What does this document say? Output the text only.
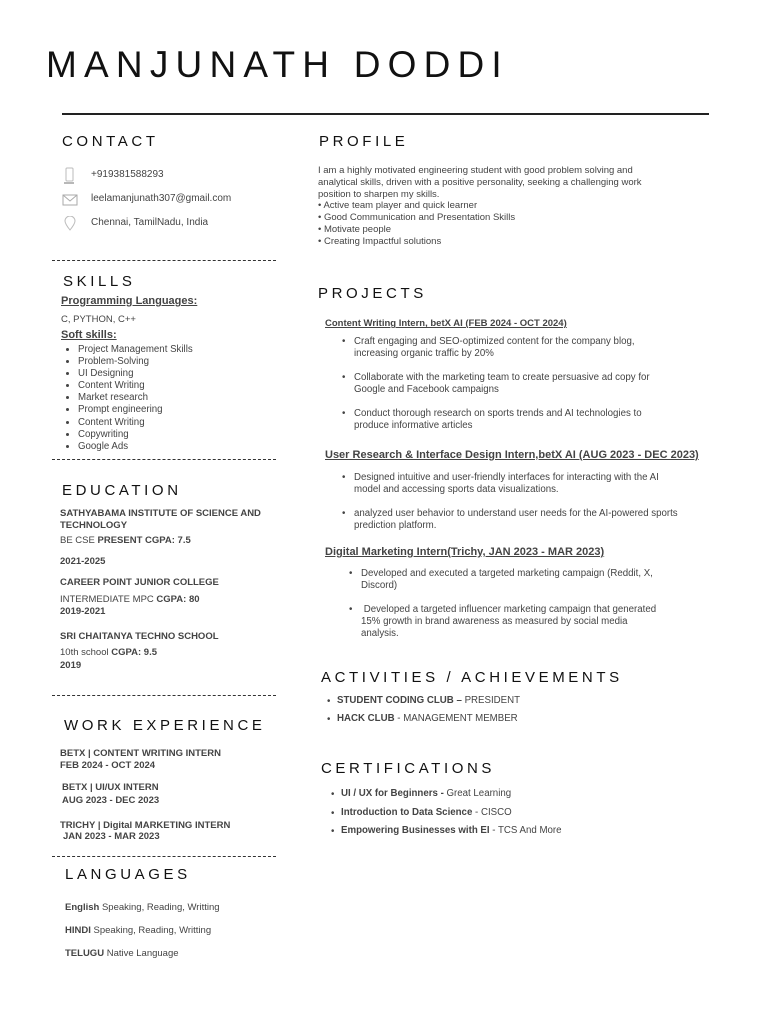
MANJUNATH DODDI
CONTACT
+919381588293
leelamanjunath307@gmail.com
Chennai, TamilNadu, India
SKILLS
Programming Languages:
C, PYTHON, C++
Soft skills:
• Project Management Skills
• Problem-Solving
• UI Designing
• Content Writing
• Market research
• Prompt engineering
• Content Writing
• Copywriting
• Google Ads
EDUCATION
SATHYABAMA INSTITUTE OF SCIENCE AND TECHNOLOGY
BE CSE PRESENT CGPA: 7.5
2021-2025
CAREER POINT JUNIOR COLLEGE
INTERMEDIATE MPC CGPA: 80
2019-2021
SRI CHAITANYA TECHNO SCHOOL
10th school CGPA: 9.5
2019
WORK EXPERIENCE
BETX | CONTENT WRITING INTERN
FEB 2024 - OCT 2024
BETX | UI/UX INTERN
AUG 2023 - DEC 2023
TRICHY | Digital MARKETING INTERN
JAN 2023 - MAR 2023
LANGUAGES
English Speaking, Reading, Writting
HINDI Speaking, Reading, Writting
TELUGU Native Language
PROFILE
I am a highly motivated engineering student with good problem solving and
analytical skills, driven with a positive personality, seeking a challenging work
position to sharpen my skills.
• Active team player and quick learner
• Good Communication and Presentation Skills
• Motivate people
• Creating Impactful solutions
PROJECTS
Content Writing Intern, betX AI (FEB 2024 - OCT 2024)
• Craft engaging and SEO-optimized content for the company blog,
increasing organic traffic by 20%
• Collaborate with the marketing team to create persuasive ad copy for
Google and Facebook campaigns
• Conduct thorough research on sports trends and AI technologies to
produce informative articles
User Research & Interface Design Intern,betX AI (AUG 2023 - DEC 2023)
• Designed intuitive and user-friendly interfaces for interacting with the AI
model and accessing sports data visualizations.
• analyzed user behavior to understand user needs for the AI-powered sports
prediction platform.
Digital Marketing Intern(Trichy, JAN 2023 - MAR 2023)
• Developed and executed a targeted marketing campaign (Reddit, X,
Discord)
• Developed a targeted influencer marketing campaign that generated
15% growth in brand awareness as measured by social media
analysis.
ACTIVITIES / ACHIEVEMENTS
• STUDENT CODING CLUB – PRESIDENT
• HACK CLUB - MANAGEMENT MEMBER
CERTIFICATIONS
• UI / UX for Beginners - Great Learning
• Introduction to Data Science - CISCO
• Empowering Businesses with EI - TCS And More
